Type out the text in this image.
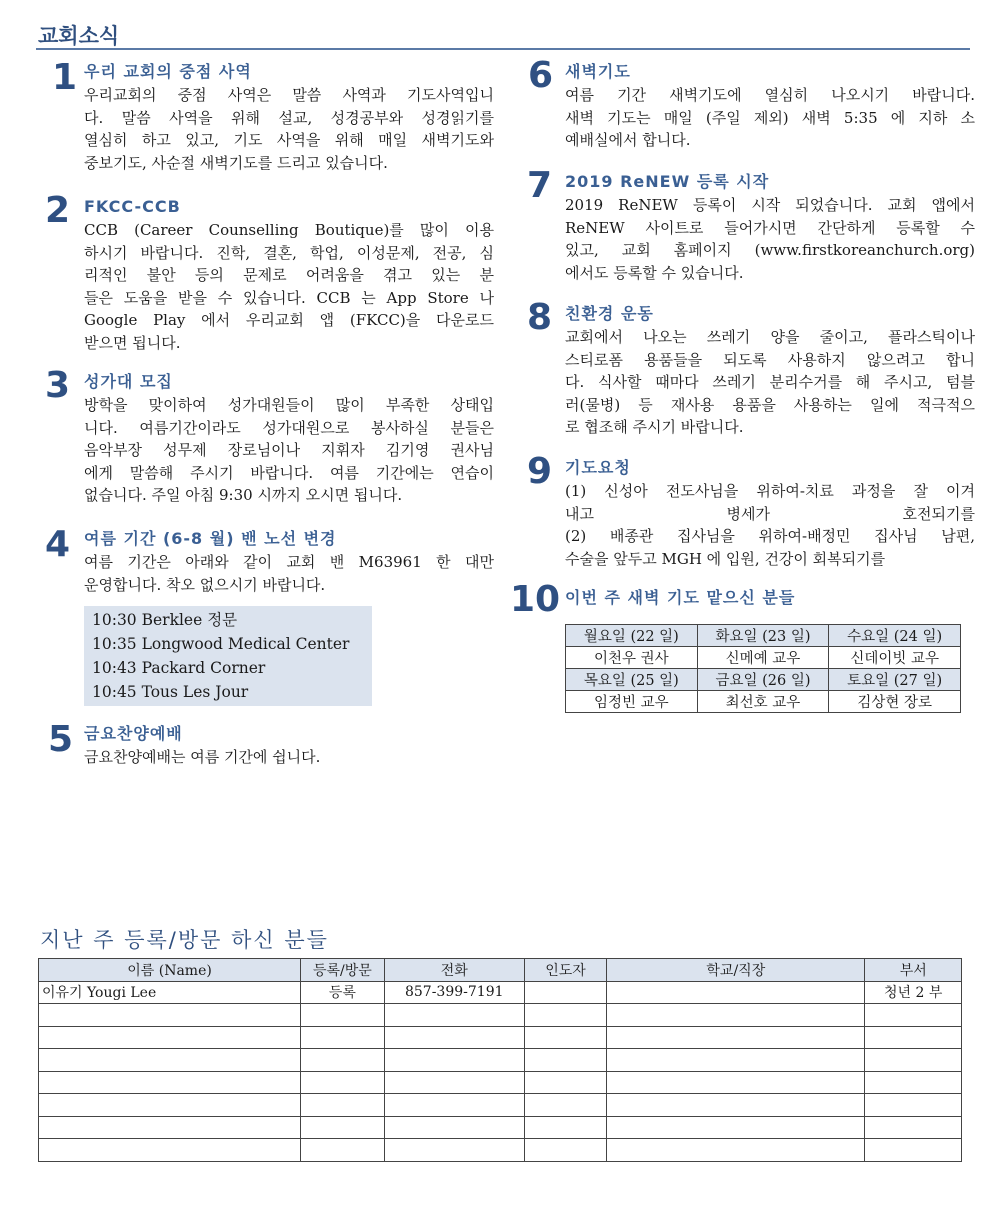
교회소식
1 우리 교회의 중점 사역
우리교회의 중점 사역은 말씀 사역과 기도사역입니
다. 말씀 사역을 위해 설교, 성경공부와 성경읽기를
열심히 하고 있고, 기도 사역을 위해 매일 새벽기도와
중보기도, 사순절 새벽기도를 드리고 있습니다.
2 FKCC-CCB
CCB (Career Counselling Boutique)를 많이 이용
하시기 바랍니다. 진학, 결혼, 학업, 이성문제, 전공, 심
리적인 불안 등의 문제로 어려움을 겪고 있는 분
들은 도움을 받을 수 있습니다. CCB 는 App Store 나
Google Play 에서 우리교회 앱 (FKCC)을 다운로드
받으면 됩니다.
3 성가대 모집
방학을 맞이하여 성가대원들이 많이 부족한 상태입
니다. 여름기간이라도 성가대원으로 봉사하실 분들은
음악부장 성무제 장로님이나 지휘자 김기영 권사님
에게 말씀해 주시기 바랍니다. 여름 기간에는 연습이
없습니다. 주일 아침 9:30 시까지 오시면 됩니다.
4 여름 기간 (6-8 월) 밴 노선 변경
여름 기간은 아래와 같이 교회 밴 M63961 한 대만
운영합니다. 착오 없으시기 바랍니다.
10:30 Berklee 정문
10:35 Longwood Medical Center
10:43 Packard Corner
10:45 Tous Les Jour
5 금요찬양예배
금요찬양예배는 여름 기간에 쉽니다.
6 새벽기도
여름 기간 새벽기도에 열심히 나오시기 바랍니다.
새벽 기도는 매일 (주일 제외) 새벽 5:35 에 지하 소
예배실에서 합니다.
7 2019 ReNEW 등록 시작
2019 ReNEW 등록이 시작 되었습니다. 교회 앱에서
ReNEW 사이트로 들어가시면 간단하게 등록할 수
있고, 교회 홈페이지 (www.firstkoreanchurch.org)
에서도 등록할 수 있습니다.
8 친환경 운동
교회에서 나오는 쓰레기 양을 줄이고, 플라스틱이나
스티로폼 용품들을 되도록 사용하지 않으려고 합니
다. 식사할 때마다 쓰레기 분리수거를 해 주시고, 텀블
러(물병) 등 재사용 용품을 사용하는 일에 적극적으
로 협조해 주시기 바랍니다.
9 기도요청
(1) 신성아 전도사님을 위하여-치료 과정을 잘 이겨
내고 병세가 호전되기를
(2) 배종관 집사님을 위하여-배정민 집사님 남편,
수술을 앞두고 MGH 에 입원, 건강이 회복되기를
10 이번 주 새벽 기도 맡으신 분들
월요일 (22 일)	화요일 (23 일)	수요일 (24 일)
이천우 권사	신메예 교우	신데이빗 교우
목요일 (25 일)	금요일 (26 일)	토요일 (27 일)
임정빈 교우	최선호 교우	김상현 장로
지난 주 등록/방문 하신 분들
이름 (Name)	등록/방문	전화	인도자	학교/직장	부서
이유기 Yougi Lee	등록	857-399-7191			청년 2 부
